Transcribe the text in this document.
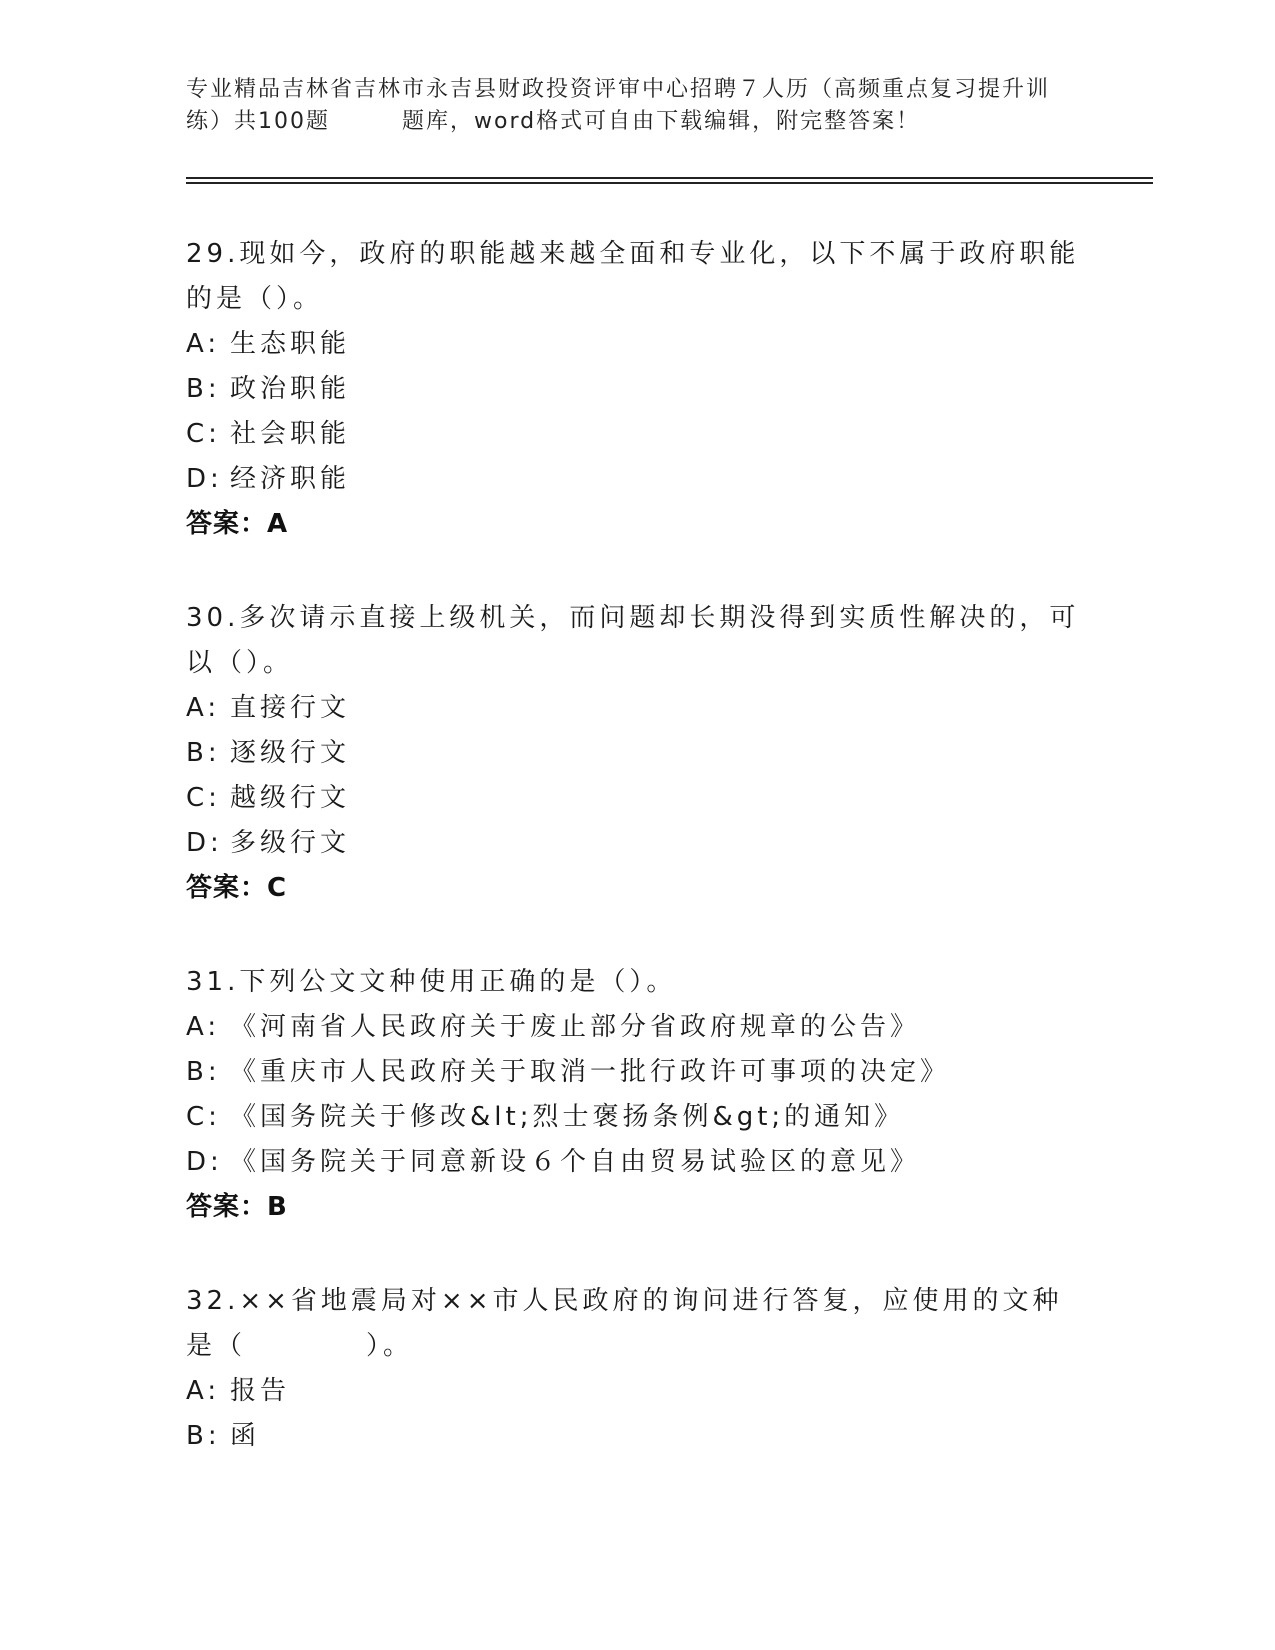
专业精品吉林省吉林市永吉县财政投资评审中心招聘７人历（高频重点复习提升训
练）共100题	题库，word格式可自由下载编辑，附完整答案！
29.现如今，政府的职能越来越全面和专业化，以下不属于政府职能的是（）。
A: 生态职能
B: 政治职能
C: 社会职能
D: 经济职能
答案：A
30.多次请示直接上级机关，而问题却长期没得到实质性解决的，可以（）。
A: 直接行文
B: 逐级行文
C: 越级行文
D: 多级行文
答案：C
31.下列公文文种使用正确的是（）。
A: 《河南省人民政府关于废止部分省政府规章的公告》
B: 《重庆市人民政府关于取消一批行政许可事项的决定》
C: 《国务院关于修改&lt;烈士褒扬条例&gt;的通知》
D: 《国务院关于同意新设６个自由贸易试验区的意见》
答案：B
32.××省地震局对××市人民政府的询问进行答复，应使用的文种是（	）。
A: 报告
B: 函
